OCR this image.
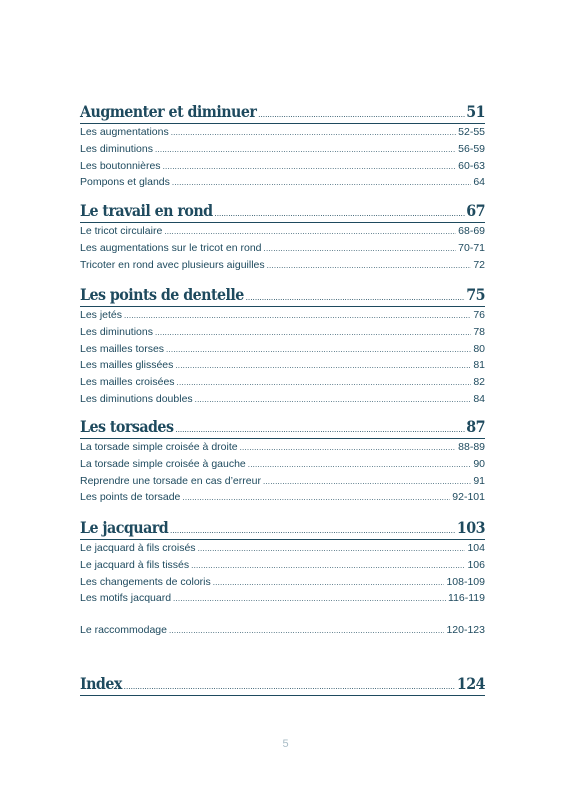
Augmenter et diminuer .....	51
Les augmentations .....	52-55
Les diminutions .....	56-59
Les boutonnières .....	60-63
Pompons et glands .....	64
Le travail en rond .....	67
Le tricot circulaire .....	68-69
Les augmentations sur le tricot en rond .....	70-71
Tricoter en rond avec plusieurs aiguilles .....	72
Les points de dentelle .....	75
Les jetés .....	76
Les diminutions .....	78
Les mailles torses .....	80
Les mailles glissées .....	81
Les mailles croisées .....	82
Les diminutions doubles .....	84
Les torsades .....	87
La torsade simple croisée à droite .....	88-89
La torsade simple croisée à gauche .....	90
Reprendre une torsade en cas d’erreur .....	91
Les points de torsade .....	92-101
Le jacquard .....	103
Le jacquard à fils croisés .....	104
Le jacquard à fils tissés .....	106
Les changements de coloris .....	108-109
Les motifs jacquard .....	116-119
Le raccommodage .....	120-123
Index .....	124
5
